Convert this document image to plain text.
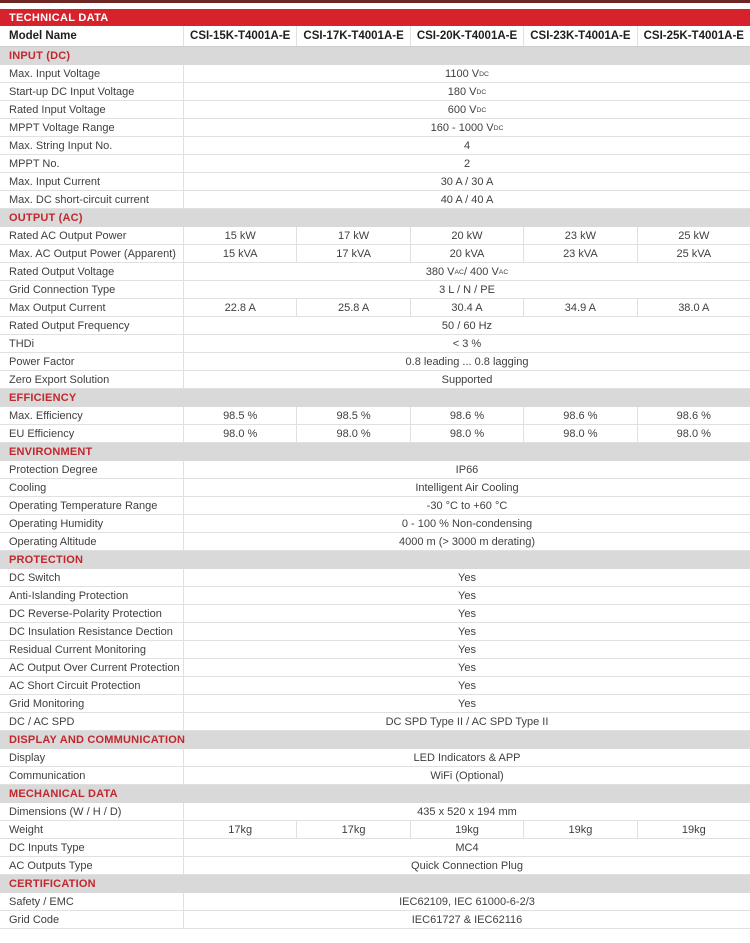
TECHNICAL DATA
Model Name	CSI-15K-T4001A-E	CSI-17K-T4001A-E	CSI-20K-T4001A-E	CSI-23K-T4001A-E	CSI-25K-T4001A-E
INPUT (DC)
Max. Input Voltage	1100 $V_{DC}$
Start-up DC Input Voltage	180 $V_{DC}$
Rated Input Voltage	600 $V_{DC}$
MPPT Voltage Range	160 - 1000 $V_{DC}$
Max. String Input No.	4
MPPT No.	2
Max. Input Current	30 A / 30 A
Max. DC short-circuit current	40 A / 40 A
OUTPUT (AC)
Rated AC Output Power	15 kW	17 kW	20 kW	23 kW	25 kW
Max. AC Output Power (Apparent)	15 kVA	17 kVA	20 kVA	23 kVA	25 kVA
Rated Output Voltage	380 $V_{AC} / 400$ $V_{AC}$
Grid Connection Type	3 L / N / PE
Max Output Current	22.8 A	25.8 A	30.4 A	34.9 A	38.0 A
Rated Output Frequency	50 / 60 Hz
THDi	< 3 %
Power Factor	0.8 leading ... 0.8 lagging
Zero Export Solution	Supported
EFFICIENCY
Max. Efficiency	98.5 %	98.5 %	98.6 %	98.6 %	98.6 %
EU Efficiency	98.0 %	98.0 %	98.0 %	98.0 %	98.0 %
ENVIRONMENT
Protection Degree	IP66
Cooling	Intelligent Air Cooling
Operating Temperature Range	-30 °C to +60 °C
Operating Humidity	0 - 100 % Non-condensing
Operating Altitude	4000 m (> 3000 m derating)
PROTECTION
DC Switch	Yes
Anti-Islanding Protection	Yes
DC Reverse-Polarity Protection	Yes
DC Insulation Resistance Dection	Yes
Residual Current Monitoring	Yes
AC Output Over Current Protection	Yes
AC Short Circuit Protection	Yes
Grid Monitoring	Yes
DC / AC SPD	DC SPD Type II / AC SPD Type II
DISPLAY AND COMMUNICATION
Display	LED Indicators & APP
Communication	WiFi (Optional)
MECHANICAL DATA
Dimensions (W / H / D)	435 x 520 x 194 mm
Weight	17kg	17kg	19kg	19kg	19kg
DC Inputs Type	MC4
AC Outputs Type	Quick Connection Plug
CERTIFICATION
Safety / EMC	IEC62109, IEC 61000-6-2/3
Grid Code	IEC61727 & IEC62116
